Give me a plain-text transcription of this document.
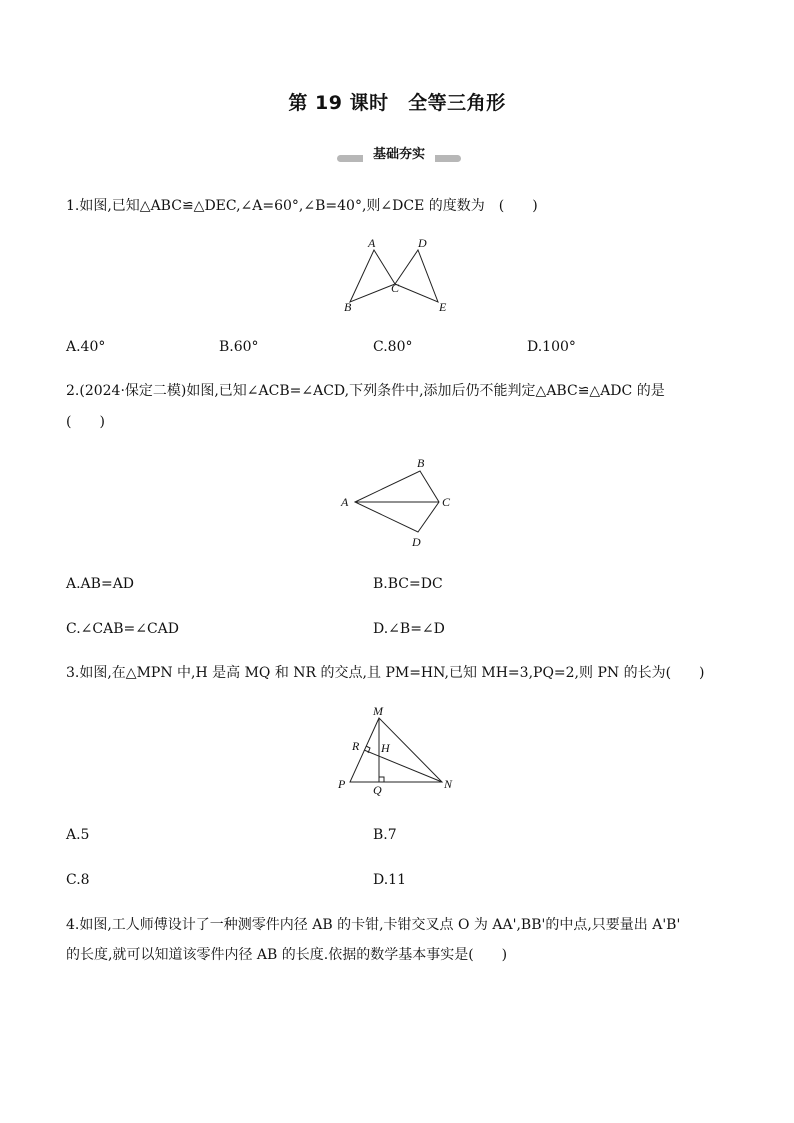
第 19 课时　全等三角形
基础夯实
1.如图,已知△ABC≌△DEC,∠A=60°,∠B=40°,则∠DCE 的度数为　(　　)
A	D
C
B	E
A.40°	B.60°	C.80°	D.100°
2.(2024·保定二模)如图,已知∠ACB=∠ACD,下列条件中,添加后仍不能判定△ABC≌△ADC 的是
(　　)
B
A	C
D
A.AB=AD	B.BC=DC
C.∠CAB=∠CAD	D.∠B=∠D
3.如图,在△MPN 中,H 是高 MQ 和 NR 的交点,且 PM=HN,已知 MH=3,PQ=2,则 PN 的长为(　　)
M
R H
P Q	N
A.5	B.7
C.8	D.11
4.如图,工人师傅设计了一种测零件内径 AB 的卡钳,卡钳交叉点 O 为 AA',BB'的中点,只要量出 A'B'
的长度,就可以知道该零件内径 AB 的长度.依据的数学基本事实是(　　)
